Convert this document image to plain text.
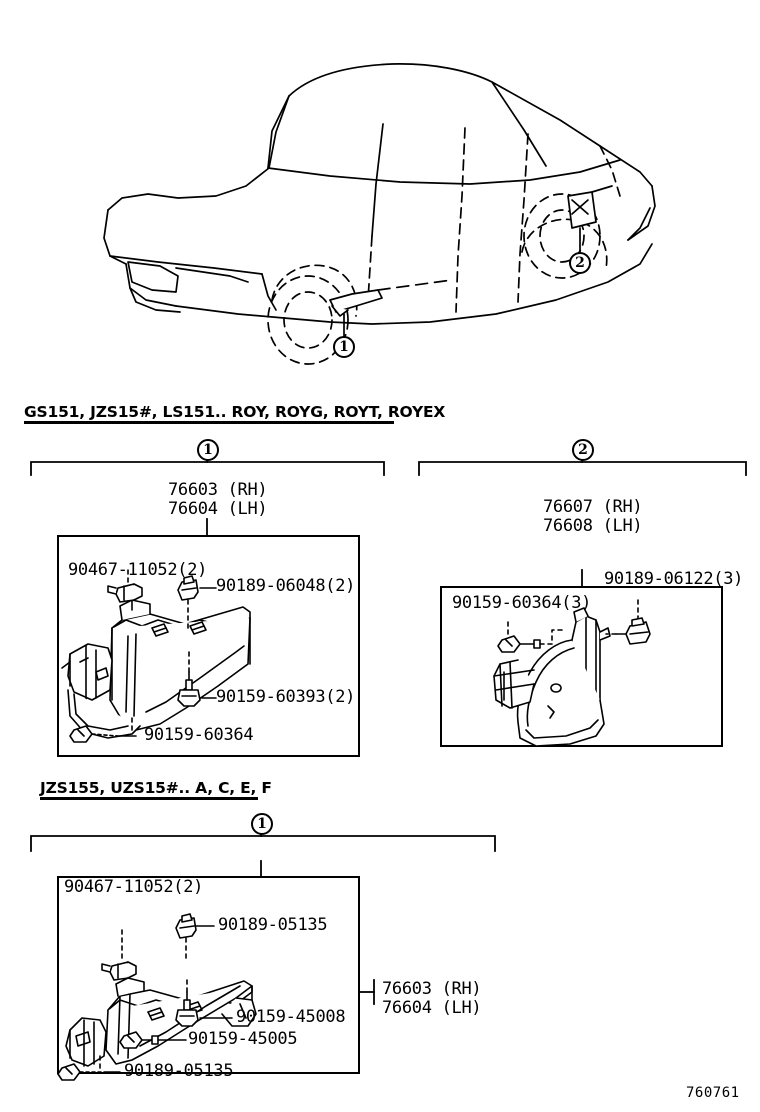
1
2
GS151, JZS15#, LS151.. ROY, ROYG, ROYT, ROYEX
1	2
76603 (RH)
76604 (LH)	76607 (RH)
76608 (LH)
90467-11052(2)
90189-06048(2)
90159-60393(2)
90159-60364
90189-06122(3)
90159-60364(3)
JZS155, UZS15#.. A, C, E, F
1
90467-11052(2)
90189-05135
90159-45008
90159-45005
90189-05135
76603 (RH)
76604 (LH)
760761
